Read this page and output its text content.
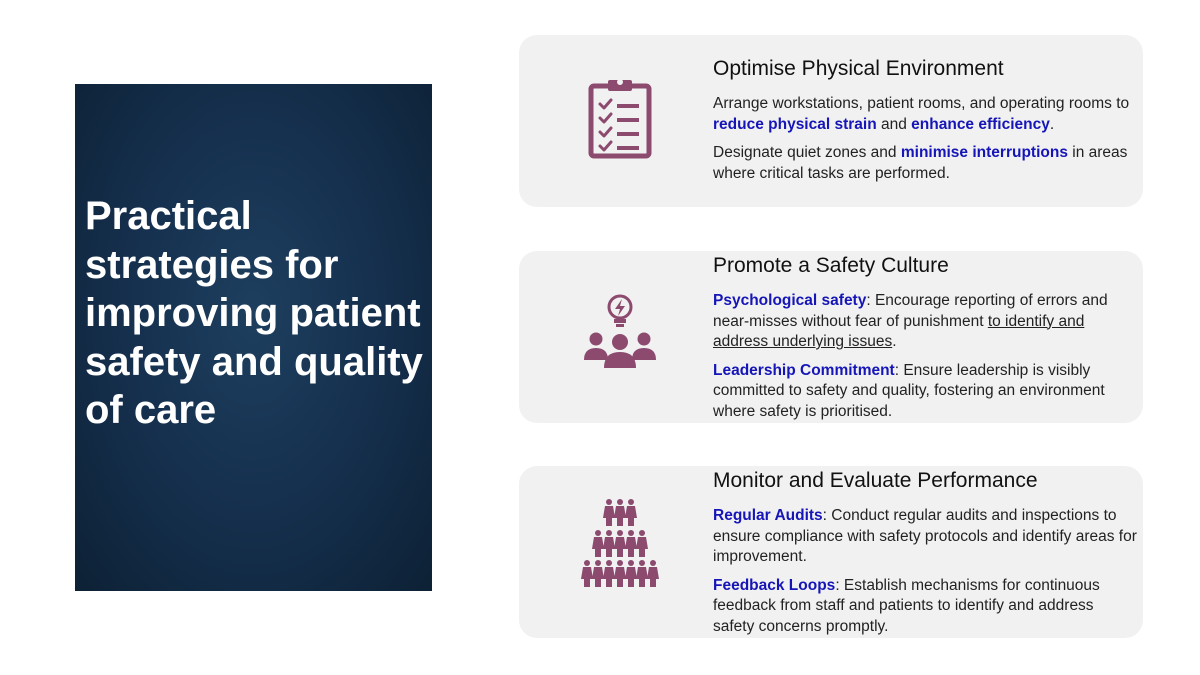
Practical strategies for improving patient safety and quality of care
Optimise Physical Environment

Arrange workstations, patient rooms, and operating rooms to reduce physical strain and enhance efficiency.

Designate quiet zones and minimise interruptions in areas where critical tasks are performed.

Promote a Safety Culture

Psychological safety: Encourage reporting of errors and near-misses without fear of punishment to identify and address underlying issues.

Leadership Commitment: Ensure leadership is visibly committed to safety and quality, fostering an environment where safety is prioritised.

Monitor and Evaluate Performance

Regular Audits: Conduct regular audits and inspections to ensure compliance with safety protocols and identify areas for improvement.

Feedback Loops: Establish mechanisms for continuous feedback from staff and patients to identify and address safety concerns promptly.
